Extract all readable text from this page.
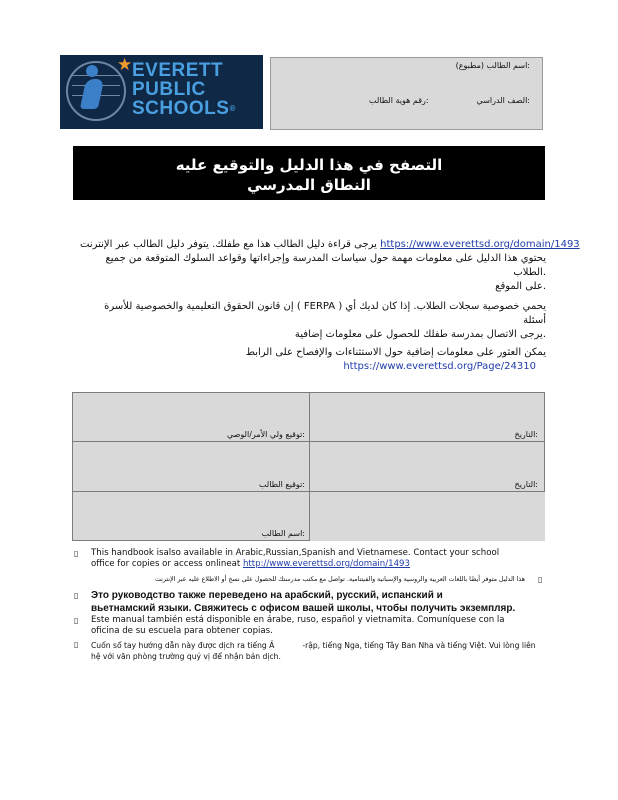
★ EVERETT
PUBLIC
SCHOOLS®
اسم الطالب (مطبوع):
الصف الدراسي:
رقم هوية الطالب:
التصفح في هذا الدليل والتوقيع عليه
النطاق المدرسي
يرجى قراءة دليل الطالب هذا مع طفلك. يتوفر دليل الطالب عبر الإنترنت https://www.everettsd.org/domain/1493
يحتوي هذا الدليل على معلومات مهمة حول سياسات المدرسة وإجراءاتها وقواعد السلوك المتوقعة من جميع الطلاب.
على الموقع.
إن قانون الحقوق التعليمية والخصوصية للأسرة ( FERPA ) يحمي خصوصية سجلات الطلاب. إذا كان لديك أي أسئلة
يرجى الاتصال بمدرسة طفلك للحصول على معلومات إضافية.
يمكن العثور على معلومات إضافية حول الاستثناءات والإفصاح على الرابط
https://www.everettsd.org/Page/24310
توقيع ولي الأمر/الوصي:	التاريخ:
توقيع الطالب:	التاريخ:
اسم الطالب:
▯ This handbook isalso available in Arabic,Russian,Spanish and Vietnamese. Contact your school
office for copies or access onlineat http://www.everettsd.org/domain/1493
▯
هذا الدليل متوفر أيضًا باللغات العربية والروسية والإسبانية والفيتنامية. تواصل مع مكتب مدرستك للحصول على نسخ أو الاطلاع عليه عبر الإنترنت
▯ Это руководство также переведено на арабский, русский, испанский и
вьетнамский языки. Свяжитесь с офисом вашей школы, чтобы получить экземпляр.
▯ Este manual también está disponible en árabe, ruso, español y vietnamita. Comuníquese con la
oficina de su escuela para obtener copias.
▯ Cuốn sổ tay hướng dẫn này được dịch ra tiếng Ả	-rập, tiếng Nga, tiếng Tây Ban Nha và tiếng Việt. Vui lòng liên
hệ với văn phòng trường quý vị để nhận bản dịch.
